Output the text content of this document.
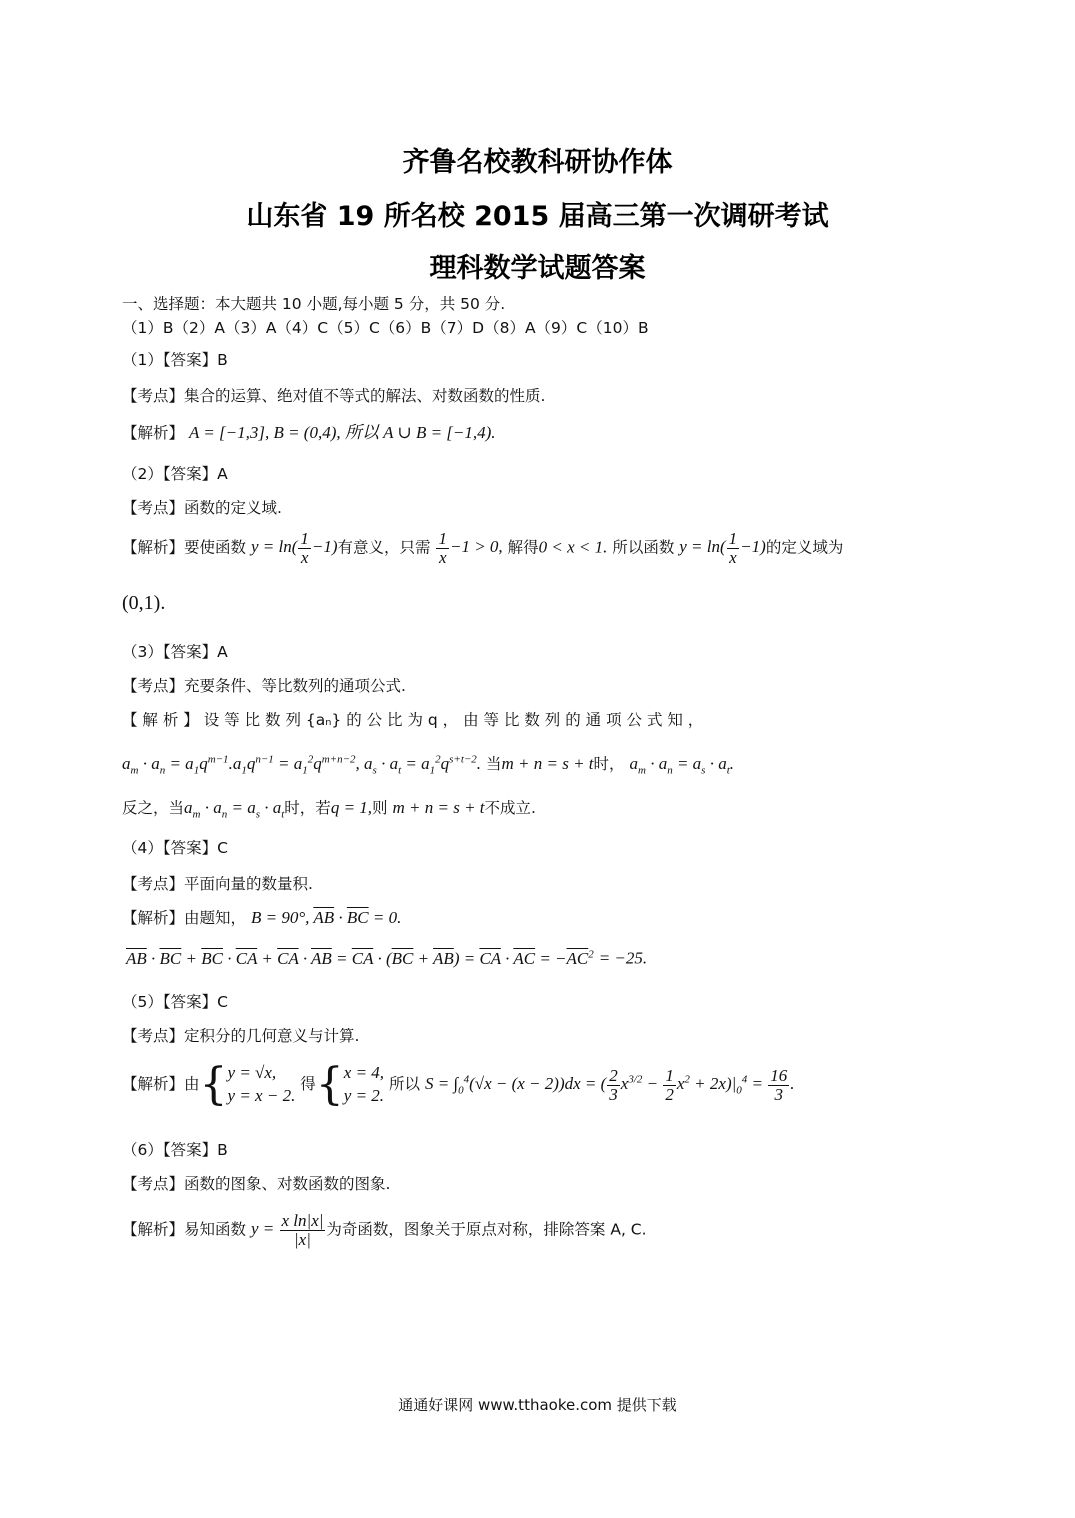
齐鲁名校教科研协作体
山东省 19 所名校 2015 届高三第一次调研考试
理科数学试题答案
一、选择题：本大题共 10 小题,每小题 5 分，共 50 分.
（1）B（2）A（3）A（4）C（5）C（6）B（7）D（8）A（9）C（10）B
（1）【答案】B
【考点】集合的运算、绝对值不等式的解法、对数函数的性质.
【解析】 A = [−1,3], B = (0,4), 所以 A ∪ B = [−1,4).
（2）【答案】A
【考点】函数的定义域.
【解析】要使函数 $y = \ln( \frac{1}{x} -1)$有意义，只需 $\frac{1}{x} -1 > 0$, 解得0 < x < 1. 所以函数 $y = \ln( \frac{1}{x} -1)$的定义域为
(0,1).
（3）【答案】A
【考点】充要条件、等比数列的通项公式.
【 解 析 】 设 等 比 数 列 {aₙ} 的 公 比 为 q ， 由 等 比 数 列 的 通 项 公 式 知 ，
$a_m \cdot a_n = a_1q^{m-1}.a_1q^{n-1} = a_1^2q^{m+n-2}$, $a_s \cdot a_t = a_1^2q^{s+t-2}$. 当m + n = s + t时， $a_m \cdot a_n = a_s \cdot a_t$.
反之，当$a_m \cdot a_n = a_s \cdot a_t$时，若q = 1,则 m + n = s + t不成立.
（4）【答案】C
【考点】平面向量的数量积.
【解析】由题知， B = 90°, $\overline{AB} \cdot \overline{BC} = 0$.
$\overline{AB} \cdot \overline{BC} + \overline{BC} \cdot \overline{CA} + \overline{CA} \cdot \overline{AB} = \overline{CA} \cdot (\overline{BC} + \overline{AB}) = \overline{CA} \cdot \overline{AC} = -\overline{AC}^2 = -25$.
（5）【答案】C
【考点】定积分的几何意义与计算.
【解析】由{y = √x,
y = x − 2. 得{x = 4,
y = 2. 所以 $S = \int_0^4(√x - (x - 2))dx$ = ( $\frac{2}{3} x^{3/2} - \frac{1}{2} x^2 + 2x)|_0^4 = \frac{16}{3}$ .
（6）【答案】B
【考点】函数的图象、对数函数的图象.
【解析】易知函数 $y = \frac{\text{x ln|x|}}{|x|}$ 为奇函数，图象关于原点对称，排除答案 A, C.
通通好课网 www.tthaoke.com 提供下载
